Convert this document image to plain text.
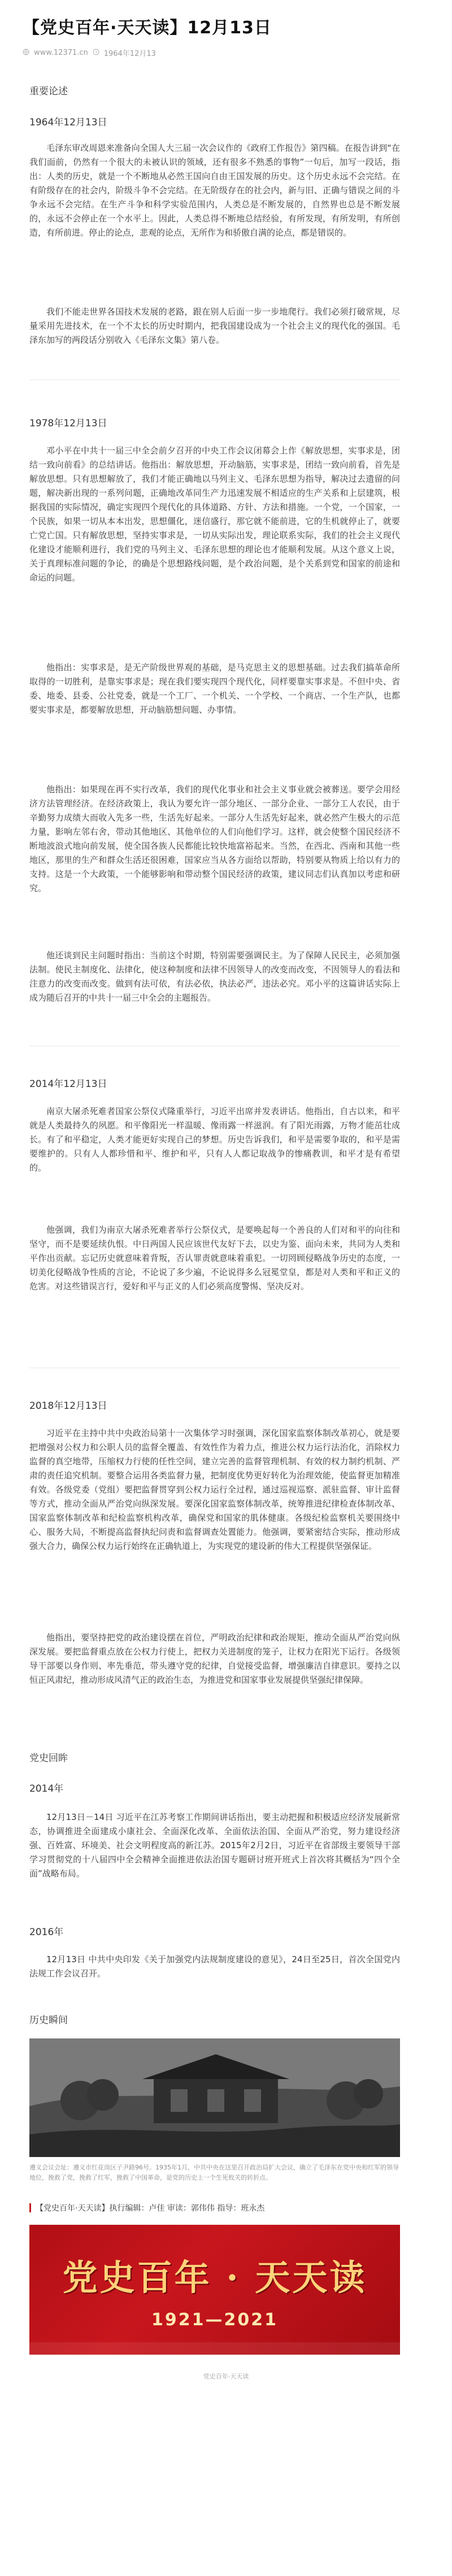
【党史百年·天天读】12月13日
www.12371.cn 1964年12月13
重要论述
1964年12月13日

毛泽东审改周恩来准备向全国人大三届一次会议作的《政府工作报告》第四稿。在报告讲到“在我们面前，仍然有一个很大的未被认识的领域，还有很多不熟悉的事物”一句后，加写一段话，指出：人类的历史，就是一个不断地从必然王国向自由王国发展的历史。这个历史永远不会完结。在有阶级存在的社会内，阶级斗争不会完结。在无阶级存在的社会内，新与旧、正确与错误之间的斗争永远不会完结。在生产斗争和科学实验范围内，人类总是不断发展的，自然界也总是不断发展的，永远不会停止在一个水平上。因此，人类总得不断地总结经验，有所发现，有所发明，有所创造，有所前进。停止的论点，悲观的论点，无所作为和骄傲自满的论点，都是错误的。

我们不能走世界各国技术发展的老路，跟在别人后面一步一步地爬行。我们必须打破常规，尽量采用先进技术，在一个不太长的历史时期内，把我国建设成为一个社会主义的现代化的强国。毛泽东加写的两段话分别收入《毛泽东文集》第八卷。

1978年12月13日

邓小平在中共十一届三中全会前夕召开的中央工作会议闭幕会上作《解放思想，实事求是，团结一致向前看》的总结讲话。他指出：解放思想，开动脑筋，实事求是，团结一致向前看，首先是解放思想。只有思想解放了，我们才能正确地以马列主义、毛泽东思想为指导，解决过去遗留的问题，解决新出现的一系列问题，正确地改革同生产力迅速发展不相适应的生产关系和上层建筑，根据我国的实际情况，确定实现四个现代化的具体道路、方针、方法和措施。一个党，一个国家，一个民族，如果一切从本本出发，思想僵化，迷信盛行，那它就不能前进，它的生机就停止了，就要亡党亡国。只有解放思想，坚持实事求是，一切从实际出发，理论联系实际，我们的社会主义现代化建设才能顺利进行，我们党的马列主义、毛泽东思想的理论也才能顺利发展。从这个意义上说，关于真理标准问题的争论，的确是个思想路线问题，是个政治问题，是个关系到党和国家的前途和命运的问题。

他指出：实事求是，是无产阶级世界观的基础，是马克思主义的思想基础。过去我们搞革命所取得的一切胜利，是靠实事求是；现在我们要实现四个现代化，同样要靠实事求是。不但中央、省委、地委、县委、公社党委，就是一个工厂、一个机关、一个学校、一个商店、一个生产队，也都要实事求是，都要解放思想，开动脑筋想问题、办事情。

他指出：如果现在再不实行改革，我们的现代化事业和社会主义事业就会被葬送。要学会用经济方法管理经济。在经济政策上，我认为要允许一部分地区、一部分企业、一部分工人农民，由于辛勤努力成绩大而收入先多一些，生活先好起来。一部分人生活先好起来，就必然产生极大的示范力量，影响左邻右舍，带动其他地区、其他单位的人们向他们学习。这样，就会使整个国民经济不断地波浪式地向前发展，使全国各族人民都能比较快地富裕起来。当然，在西北、西南和其他一些地区，那里的生产和群众生活还很困难，国家应当从各方面给以帮助，特别要从物质上给以有力的支持。这是一个大政策，一个能够影响和带动整个国民经济的政策，建议同志们认真加以考虑和研究。

他还谈到民主问题时指出：当前这个时期，特别需要强调民主。为了保障人民民主，必须加强法制。使民主制度化、法律化，使这种制度和法律不因领导人的改变而改变，不因领导人的看法和注意力的改变而改变。做到有法可依，有法必依，执法必严，违法必究。邓小平的这篇讲话实际上成为随后召开的中共十一届三中全会的主题报告。

2014年12月13日

南京大屠杀死难者国家公祭仪式隆重举行，习近平出席并发表讲话。他指出，自古以来，和平就是人类最持久的夙愿。和平像阳光一样温暖、像雨露一样滋润。有了阳光雨露，万物才能茁壮成长。有了和平稳定，人类才能更好实现自己的梦想。历史告诉我们，和平是需要争取的，和平是需要维护的。只有人人都珍惜和平、维护和平，只有人人都记取战争的惨痛教训，和平才是有希望的。

他强调，我们为南京大屠杀死难者举行公祭仪式，是要唤起每一个善良的人们对和平的向往和坚守，而不是要延续仇恨。中日两国人民应该世代友好下去，以史为鉴、面向未来，共同为人类和平作出贡献。忘记历史就意味着背叛，否认罪责就意味着重犯。一切罔顾侵略战争历史的态度，一切美化侵略战争性质的言论，不论说了多少遍，不论说得多么冠冕堂皇，都是对人类和平和正义的危害。对这些错误言行，爱好和平与正义的人们必须高度警惕、坚决反对。

2018年12月13日

习近平在主持中共中央政治局第十一次集体学习时强调，深化国家监察体制改革初心，就是要把增强对公权力和公职人员的监督全覆盖、有效性作为着力点，推进公权力运行法治化，消除权力监督的真空地带，压缩权力行使的任性空间，建立完善的监督管理机制、有效的权力制约机制、严肃的责任追究机制。要整合运用各类监督力量，把制度优势更好转化为治理效能，使监督更加精准有效。各级党委（党组）要把监督贯穿到公权力运行全过程，通过巡视巡察、派驻监督、审计监督等方式，推动全面从严治党向纵深发展。要深化国家监察体制改革，统筹推进纪律检查体制改革、国家监察体制改革和纪检监察机构改革，确保党和国家的肌体健康。各级纪检监察机关要围绕中心、服务大局，不断提高监督执纪问责和监督调查处置能力。他强调，要紧密结合实际，推动形成强大合力，确保公权力运行始终在正确轨道上，为实现党的建设新的伟大工程提供坚强保证。

他指出，要坚持把党的政治建设摆在首位，严明政治纪律和政治规矩，推动全面从严治党向纵深发展。要把监督重点放在公权力行使上，把权力关进制度的笼子，让权力在阳光下运行。各级领导干部要以身作则、率先垂范，带头遵守党的纪律，自觉接受监督，增强廉洁自律意识。要持之以恒正风肃纪，推动形成风清气正的政治生态，为推进党和国家事业发展提供坚强纪律保障。

党史回眸
2014年

12月13日－14日 习近平在江苏考察工作期间讲话指出，要主动把握和积极适应经济发展新常态，协调推进全面建成小康社会、全面深化改革、全面依法治国、全面从严治党，努力建设经济强、百姓富、环境美、社会文明程度高的新江苏。2015年2月2日，习近平在省部级主要领导干部学习贯彻党的十八届四中全会精神全面推进依法治国专题研讨班开班式上首次将其概括为“四个全面”战略布局。

2016年

12月13日 中共中央印发《关于加强党内法规制度建设的意见》，24日至25日，首次全国党内法规工作会议召开。

历史瞬间
遵义会议会址：遵义市红花岗区子尹路96号。1935年1月，中共中央在这里召开政治局扩大会议，确立了毛泽东在党中央和红军的领导地位，挽救了党，挽救了红军，挽救了中国革命，是党的历史上一个生死攸关的转折点。
【党史百年·天天读】执行编辑：卢佳 审读：郭伟伟 指导：班永杰
党史百年 · 天天读
1921—2021
党史百年·天天读
